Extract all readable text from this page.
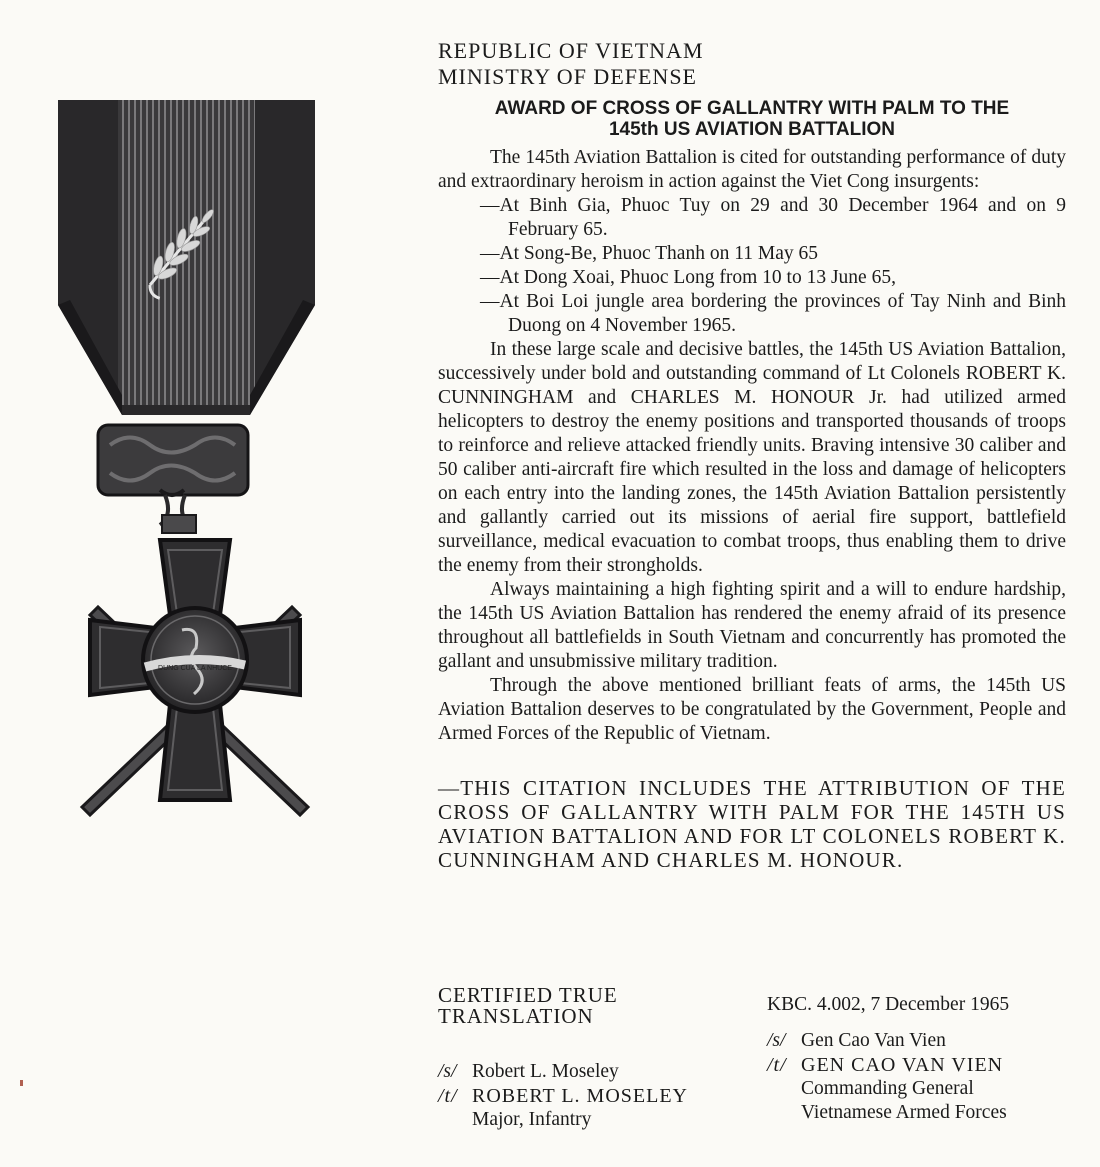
DUNG CUA LA NHUCE
REPUBLIC OF VIETNAM
MINISTRY OF DEFENSE
AWARD OF CROSS OF GALLANTRY WITH PALM TO THE
145th US AVIATION BATTALION

The 145th Aviation Battalion is cited for outstanding performance of duty and extraordinary heroism in action against the Viet Cong insurgents:

—At Binh Gia, Phuoc Tuy on 29 and 30 December 1964 and on 9 February 65.

—At Song-Be, Phuoc Thanh on 11 May 65

—At Dong Xoai, Phuoc Long from 10 to 13 June 65,

—At Boi Loi jungle area bordering the provinces of Tay Ninh and Binh Duong on 4 November 1965.

In these large scale and decisive battles, the 145th US Aviation Battalion, successively under bold and outstanding command of Lt Colonels ROBERT K. CUNNINGHAM and CHARLES M. HONOUR Jr. had utilized armed helicopters to destroy the enemy positions and transported thousands of troops to reinforce and relieve attacked friendly units. Braving intensive 30 caliber and 50 caliber anti-aircraft fire which resulted in the loss and damage of helicopters on each entry into the landing zones, the 145th Aviation Battalion persistently and gallantly carried out its missions of aerial fire support, battlefield surveillance, medical evacuation to combat troops, thus enabling them to drive the enemy from their strongholds.

Always maintaining a high fighting spirit and a will to endure hardship, the 145th US Aviation Battalion has rendered the enemy afraid of its presence throughout all battlefields in South Vietnam and concurrently has promoted the gallant and unsubmissive military tradition.

Through the above mentioned brilliant feats of arms, the 145th US Aviation Battalion deserves to be congratulated by the Government, People and Armed Forces of the Republic of Vietnam.

—THIS CITATION INCLUDES THE ATTRIBUTION OF THE CROSS OF GALLANTRY WITH PALM FOR THE 145TH US AVIATION BATTALION AND FOR LT COLONELS ROBERT K. CUNNINGHAM AND CHARLES M. HONOUR.
CERTIFIED TRUE
TRANSLATION
/s/ Robert L. Moseley
/t/ ROBERT L. MOSELEY
Major, Infantry
KBC. 4.002, 7 December 1965
/s/ Gen Cao Van Vien
/t/ GEN CAO VAN VIEN
Commanding General
Vietnamese Armed Forces
